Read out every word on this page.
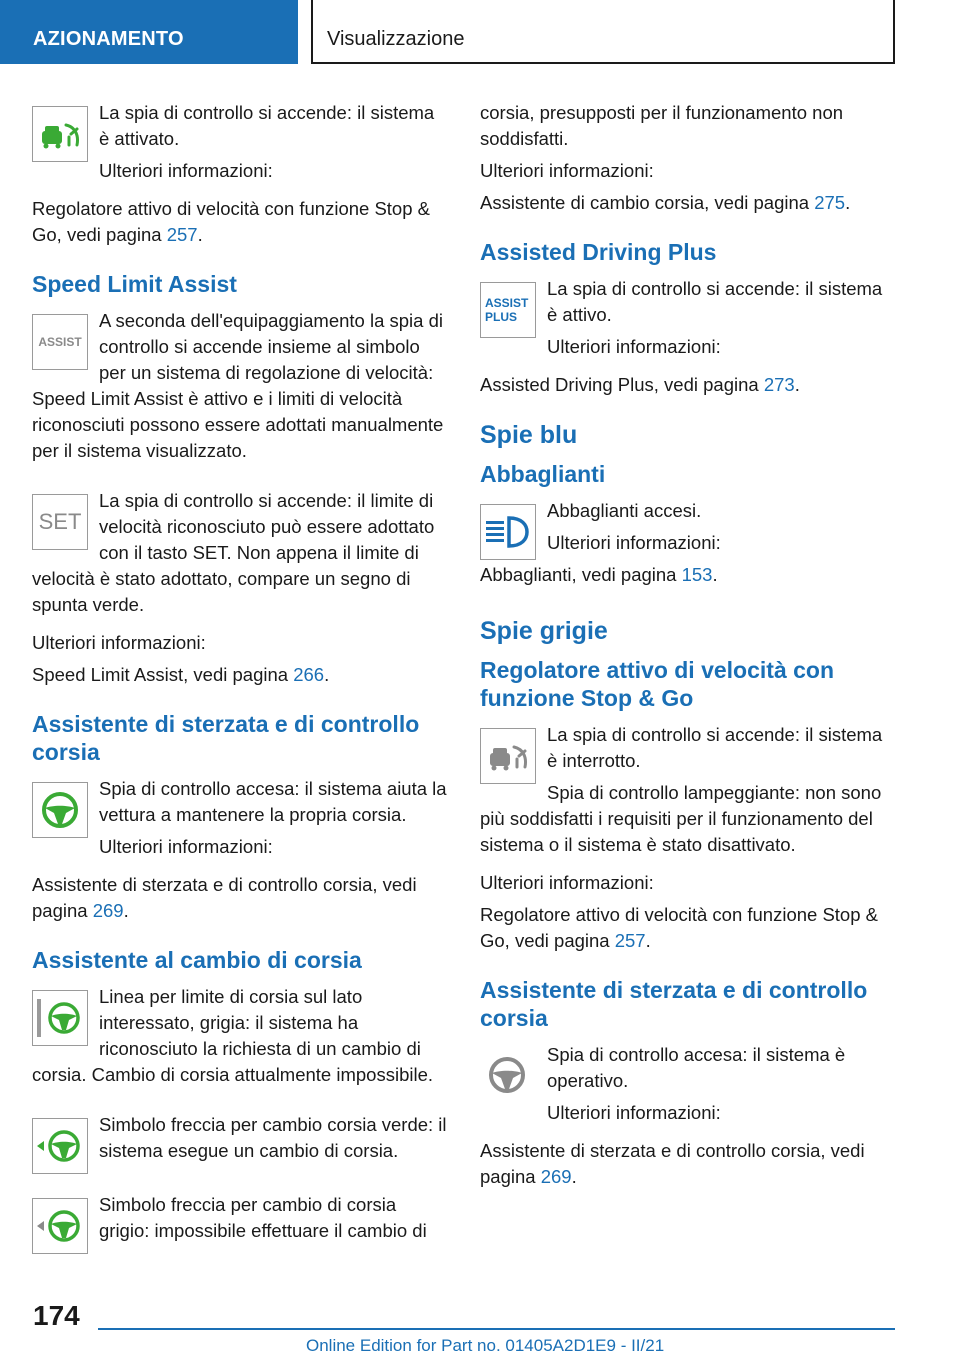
AZIONAMENTO	Visualizzazione

La spia di controllo si accende: il sistema è attivato.

Ulteriori informazioni:

Regolatore attivo di velocità con funzione Stop & Go, vedi pagina 257.

Speed Limit Assist
ASSIST

A seconda dell'equipaggiamento la spia di controllo si accende insieme al simbolo per un sistema di regolazione di velocità: Speed Limit Assist è attivo e i limiti di velocità riconosciuti possono essere adottati manualmente per il sistema visualizzato.

SET

La spia di controllo si accende: il limite di velocità riconosciuto può essere adottato con il tasto SET. Non appena il limite di velocità è stato adottato, compare un segno di spunta verde.

Ulteriori informazioni:

Speed Limit Assist, vedi pagina 266.

Assistente di sterzata e di controllo corsia

Spia di controllo accesa: il sistema aiuta la vettura a mantenere la propria corsia.

Ulteriori informazioni:

Assistente di sterzata e di controllo corsia, vedi pagina 269.

Assistente al cambio di corsia

Linea per limite di corsia sul lato interessato, grigia: il sistema ha riconosciuto la richiesta di un cambio di corsia. Cambio di corsia attualmente impossibile.

Simbolo freccia per cambio corsia verde: il sistema esegue un cambio di corsia.

Simbolo freccia per cambio di corsia grigio: impossibile effettuare il cambio di

corsia, presupposti per il funzionamento non soddisfatti.

Ulteriori informazioni:

Assistente di cambio corsia, vedi pagina 275.

Assisted Driving Plus
ASSIST
PLUS

La spia di controllo si accende: il sistema è attivo.

Ulteriori informazioni:

Assisted Driving Plus, vedi pagina 273.

Spie blu
Abbaglianti

Abbaglianti accesi.

Ulteriori informazioni:

Abbaglianti, vedi pagina 153.

Spie grigie
Regolatore attivo di velocità con funzione Stop & Go

La spia di controllo si accende: il sistema è interrotto.

Spia di controllo lampeggiante: non sono più soddisfatti i requisiti per il funzionamento del sistema o il sistema è stato disattivato.

Ulteriori informazioni:

Regolatore attivo di velocità con funzione Stop & Go, vedi pagina 257.

Assistente di sterzata e di controllo corsia

Spia di controllo accesa: il sistema è operativo.

Ulteriori informazioni:

Assistente di sterzata e di controllo corsia, vedi pagina 269.

174
Online Edition for Part no. 01405A2D1E9 - II/21
